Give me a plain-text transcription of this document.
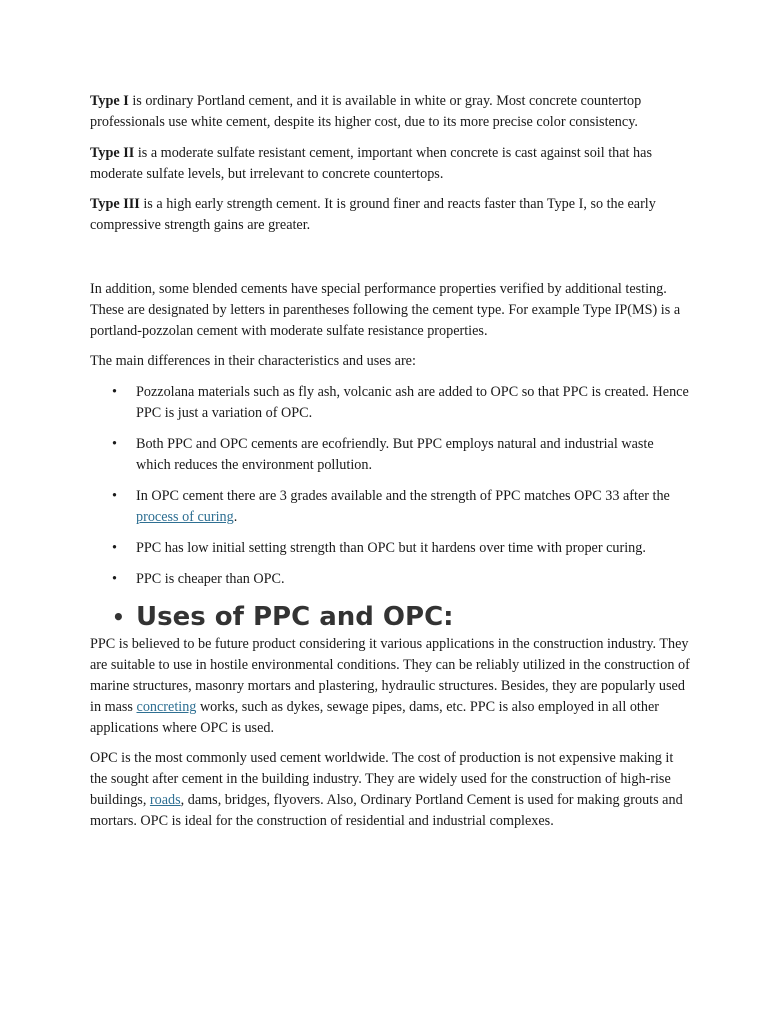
Type I is ordinary Portland cement, and it is available in white or gray. Most concrete countertop professionals use white cement, despite its higher cost, due to its more precise color consistency.

Type II is a moderate sulfate resistant cement, important when concrete is cast against soil that has moderate sulfate levels, but irrelevant to concrete countertops.

Type III is a high early strength cement. It is ground finer and reacts faster than Type I, so the early compressive strength gains are greater.

In addition, some blended cements have special performance properties verified by additional testing. These are designated by letters in parentheses following the cement type. For example Type IP(MS) is a portland-pozzolan cement with moderate sulfate resistance properties.

The main differences in their characteristics and uses are:

• Pozzolana materials such as fly ash, volcanic ash are added to OPC so that PPC is created. Hence PPC is just a variation of OPC.
• Both PPC and OPC cements are ecofriendly. But PPC employs natural and industrial waste which reduces the environment pollution.
• In OPC cement there are 3 grades available and the strength of PPC matches OPC 33 after the process of curing.
• PPC has low initial setting strength than OPC but it hardens over time with proper curing.
• PPC is cheaper than OPC.
• Uses of PPC and OPC:

PPC is believed to be future product considering it various applications in the construction industry. They are suitable to use in hostile environmental conditions. They can be reliably utilized in the construction of marine structures, masonry mortars and plastering, hydraulic structures. Besides, they are popularly used in mass concreting works, such as dykes, sewage pipes, dams, etc. PPC is also employed in all other applications where OPC is used.

OPC is the most commonly used cement worldwide. The cost of production is not expensive making it the sought after cement in the building industry. They are widely used for the construction of high-rise buildings, roads, dams, bridges, flyovers. Also, Ordinary Portland Cement is used for making grouts and mortars. OPC is ideal for the construction of residential and industrial complexes.
